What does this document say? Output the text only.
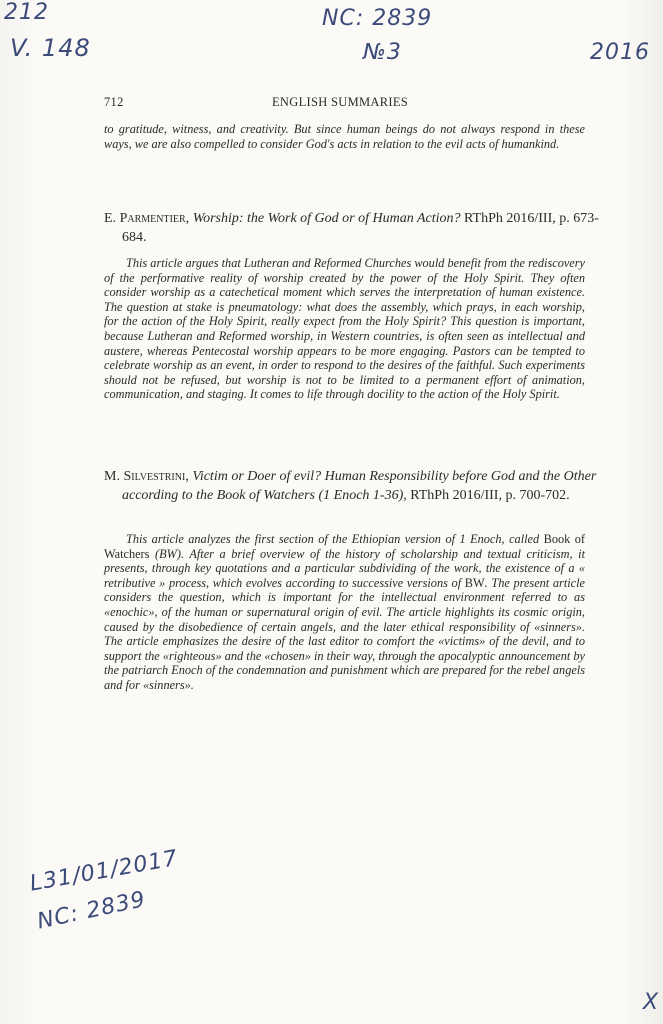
212
V. 148
NC: 2839
№3	2016
712	ENGLISH SUMMARIES

to gratitude, witness, and creativity. But since human beings do not always respond in these ways, we are also compelled to consider God's acts in relation to the evil acts of humankind.

E. Parmentier, Worship: the Work of God or of Human Action? RThPh 2016/III, p. 673-684.

This article argues that Lutheran and Reformed Churches would benefit from the rediscovery of the performative reality of worship created by the power of the Holy Spirit. They often consider worship as a catechetical moment which serves the interpretation of human existence. The question at stake is pneumatology: what does the assembly, which prays, in each worship, for the action of the Holy Spirit, really expect from the Holy Spirit? This question is important, because Lutheran and Reformed worship, in Western countries, is often seen as intellectual and austere, whereas Pentecostal worship appears to be more engaging. Pastors can be tempted to celebrate worship as an event, in order to respond to the desires of the faithful. Such experiments should not be refused, but worship is not to be limited to a permanent effort of animation, communication, and staging. It comes to life through docility to the action of the Holy Spirit.

M. Silvestrini, Victim or Doer of evil? Human Responsibility before God and the Other according to the Book of Watchers (1 Enoch 1-36), RThPh 2016/III, p. 700-702.

This article analyzes the first section of the Ethiopian version of 1 Enoch, called Book of Watchers (BW). After a brief overview of the history of scholarship and textual criticism, it presents, through key quotations and a particular subdividing of the work, the existence of a « retributive » process, which evolves according to successive versions of BW. The present article considers the question, which is important for the intellectual environment referred to as «enochic», of the human or supernatural origin of evil. The article highlights its cosmic origin, caused by the disobedience of certain angels, and the later ethical responsibility of «sinners». The article emphasizes the desire of the last editor to comfort the «victims» of the devil, and to support the «righteous» and the «chosen» in their way, through the apocalyptic announcement by the patriarch Enoch of the condemnation and punishment which are prepared for the rebel angels and for «sinners».

L31/01/2017
NC: 2839
X
